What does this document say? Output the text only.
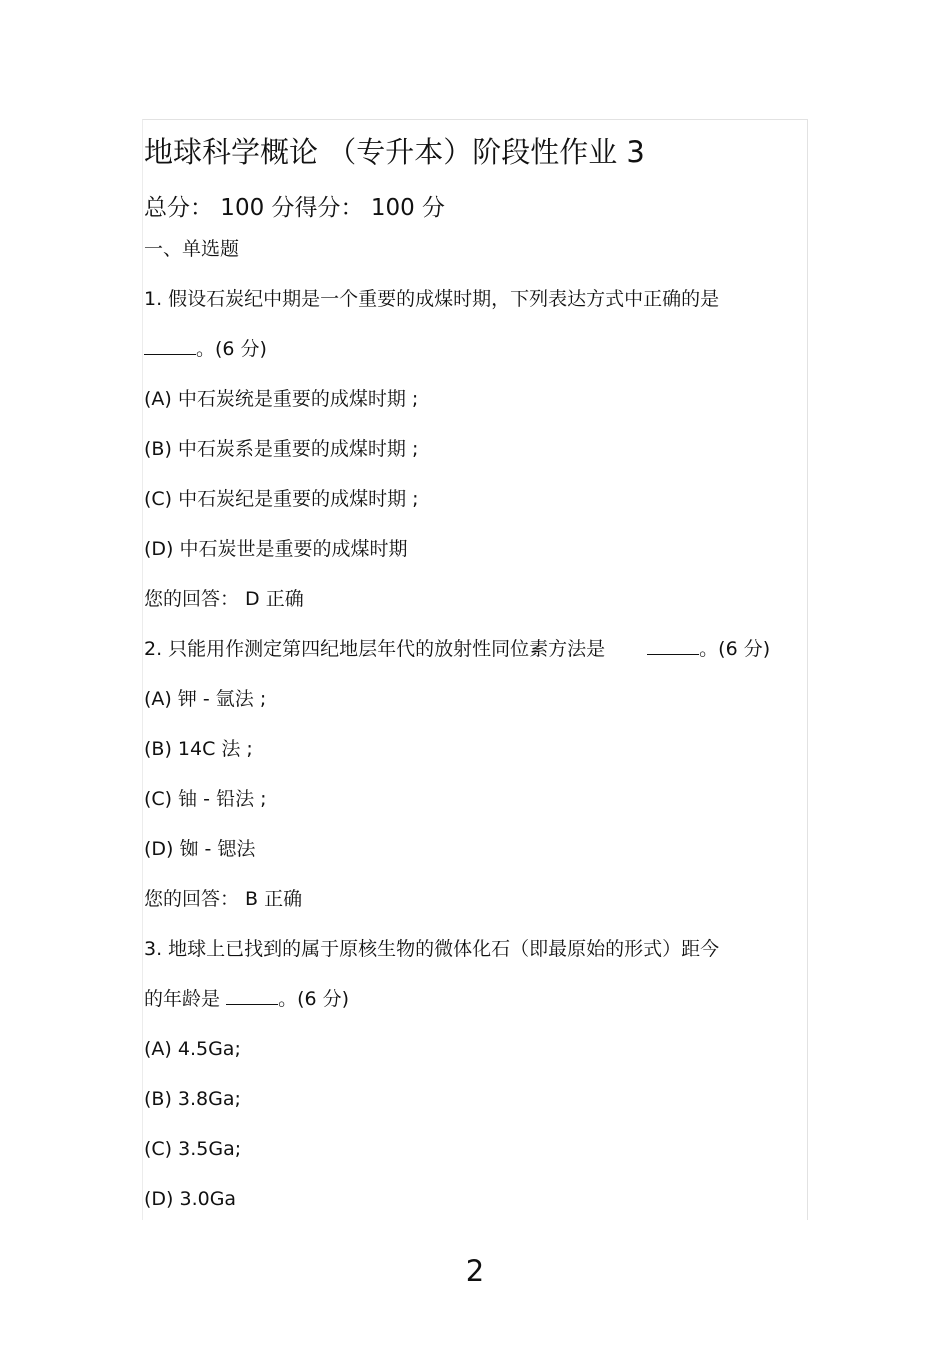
地球科学概论 （专升本）阶段性作业 3
总分： 100 分得分： 100 分
一、单选题
1. 假设石炭纪中期是一个重要的成煤时期，下列表达方式中正确的是
。(6 分)
(A) 中石炭统是重要的成煤时期 ;
(B) 中石炭系是重要的成煤时期 ;
(C) 中石炭纪是重要的成煤时期 ;
(D) 中石炭世是重要的成煤时期
您的回答： D 正确
2. 只能用作测定第四纪地层年代的放射性同位素方法是	。(6 分)
(A) 钾 - 氩法 ;
(B) 14C 法 ;
(C) 铀 - 铅法 ;
(D) 铷 - 锶法
您的回答： B 正确
3. 地球上已找到的属于原核生物的微体化石（即最原始的形式）距今
的年龄是	。(6 分)
(A) 4.5Ga;
(B) 3.8Ga;
(C) 3.5Ga;
(D) 3.0Ga
2
